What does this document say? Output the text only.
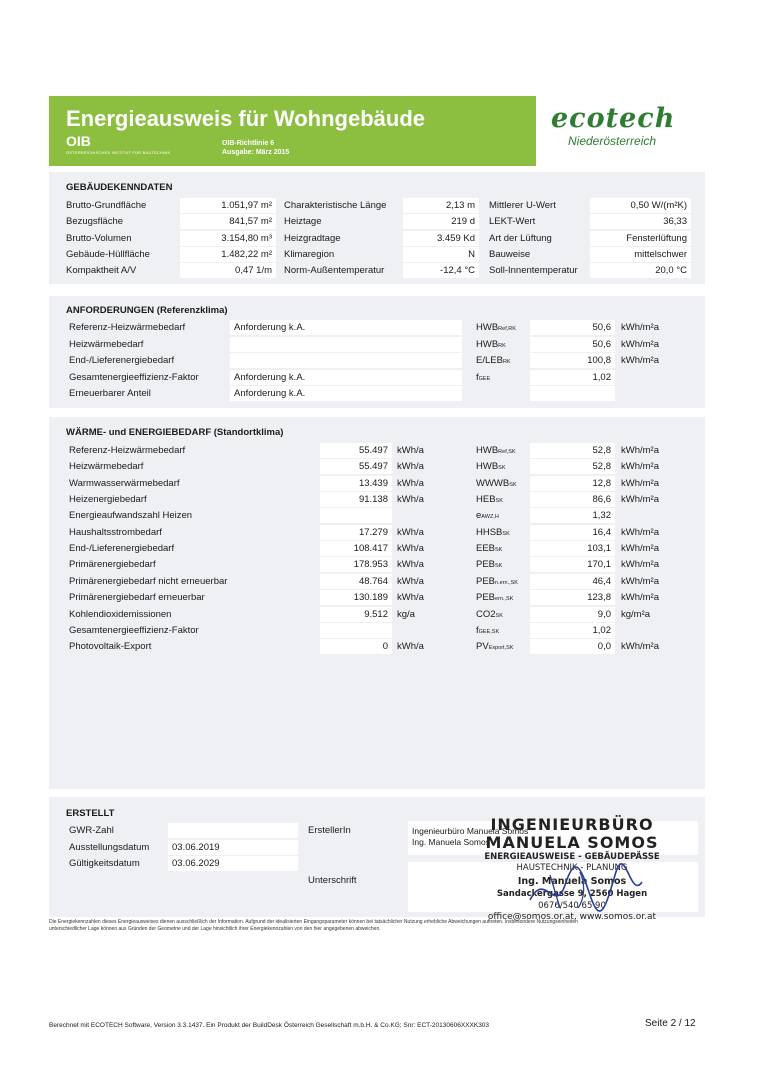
Energieausweis für Wohngebäude
OIB
ÖSTERREICHISCHES INSTITUT FÜR BAUTECHNIK
OIB-Richtlinie 6
Ausgabe: März 2015
ecotech
Niederösterreich
GEBÄUDEKENNDATEN
Brutto-Grundfläche	1.051,97 m² Charakteristische Länge	2,13 m Mittlerer U-Wert	0,50 W/(m²K)
Bezugsfläche	841,57 m² Heiztage	219 d LEKT-Wert	36,33
Brutto-Volumen	3.154,80 m³ Heizgradtage	3.459 Kd Art der Lüftung	Fensterlüftung
Gebäude-Hüllfläche	1.482,22 m² Klimaregion	N Bauweise	mittelschwer
Kompaktheit A/V	0,47 1/m Norm-Außentemperatur	-12,4 °C Soll-Innentemperatur	20,0 °C
ANFORDERUNGEN (Referenzklima)
Referenz-Heizwärmebedarf	Anforderung k.A.	HWBRef,RK	50,6 kWh/m²a
Heizwärmebedarf	HWBRK	50,6 kWh/m²a
End-/Lieferenergiebedarf	E/LEBRK	100,8 kWh/m²a
Gesamtenergieeffizienz-Faktor	Anforderung k.A.	fGEE	1,02
Erneuerbarer Anteil	Anforderung k.A.
WÄRME- und ENERGIEBEDARF (Standortklima)
Referenz-Heizwärmebedarf	55.497 kWh/a	HWBRef,SK	52,8 kWh/m²a
Heizwärmebedarf	55.497 kWh/a	HWBSK	52,8 kWh/m²a
Warmwasserwärmebedarf	13.439 kWh/a	WWWBSK	12,8 kWh/m²a
Heizenergiebedarf	91.138 kWh/a	HEBSK	86,6 kWh/m²a
Energieaufwandszahl Heizen	eAWZ,H	1,32
Haushaltsstrombedarf	17.279 kWh/a	HHSBSK	16,4 kWh/m²a
End-/Lieferenergiebedarf	108.417 kWh/a	EEBSK	103,1 kWh/m²a
Primärenergiebedarf	178.953 kWh/a	PEBSK	170,1 kWh/m²a
Primärenergiebedarf nicht erneuerbar	48.764 kWh/a	PEBn.ern.,SK	46,4 kWh/m²a
Primärenergiebedarf erneuerbar	130.189 kWh/a	PEBern.,SK	123,8 kWh/m²a
Kohlendioxidemissionen	9.512 kg/a	CO2SK	9,0 kg/m²a
Gesamtenergieeffizienz-Faktor	fGEE,SK	1,02
Photovoltaik-Export	0 kWh/a	PVExport,SK	0,0 kWh/m²a
ERSTELLT
GWR-Zahl
Ausstellungsdatum 03.06.2019
Gültigkeitsdatum	03.06.2029
ErstellerIn	Ingenieurbüro Manuela Somos
Ing. Manuela Somos
Unterschrift
INGENIEURBÜRO
MANUELA SOMOS
ENERGIEAUSWEISE - GEBÄUDEPÄSSE
HAUSTECHNIK - PLANUNG
Ing. Manuela Somos
Sandackergasse 9, 2560 Hagen
0676/540 65 90
office@somos.or.at, www.somos.or.at
Die Energiekennzahlen dieses Energieausweises dienen ausschließlich der Information. Aufgrund der idealisierten Eingangsparameter können bei tatsächlicher Nutzung erhebliche Abweichungen auftreten. Insbesondere Nutzungseinheiten
unterschiedlicher Lage können aus Gründen der Geometrie und der Lage hinsichtlich ihrer Energiekennzahlen von den hier angegebenen abweichen.
Berechnet mit ECOTECH Software, Version 3.3.1437. Ein Produkt der BuildDesk Österreich Gesellschaft m.b.H. & Co.KG; Snr: ECT-20130606XXXK303	Seite 2 / 12
